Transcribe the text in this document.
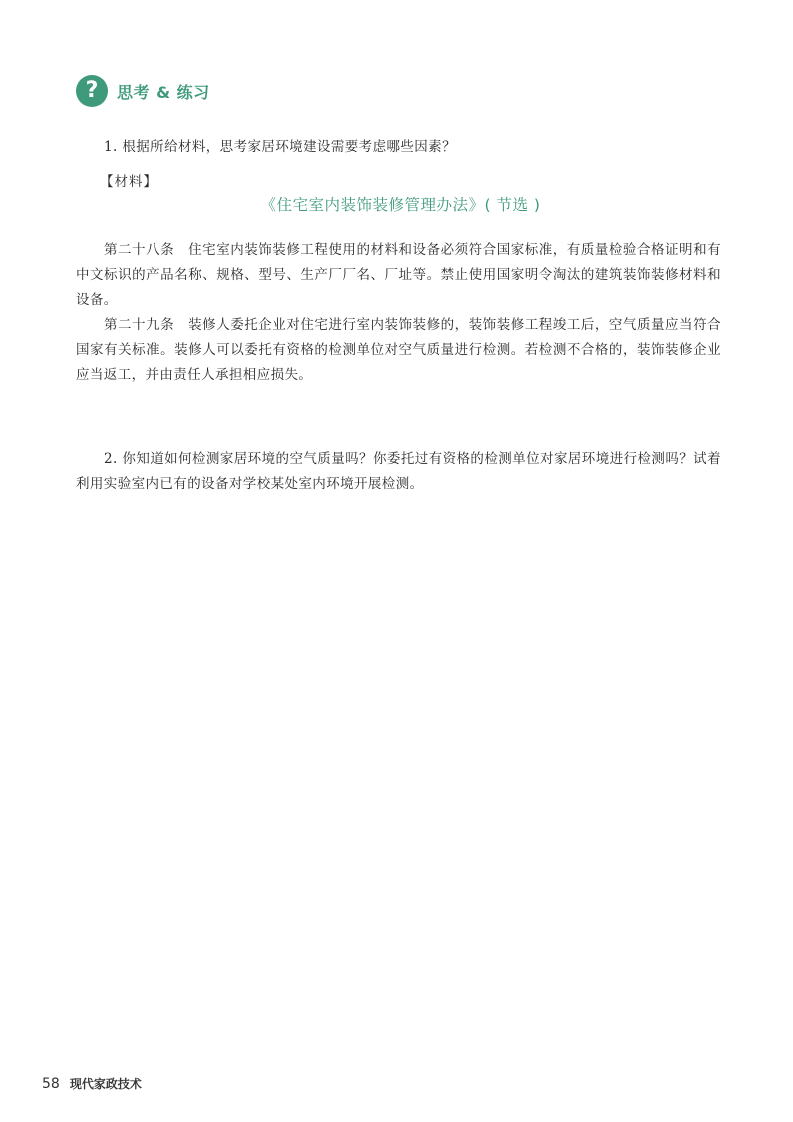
?	思考 & 练习

1. 根据所给材料，思考家居环境建设需要考虑哪些因素？

【材料】
《住宅室内装饰装修管理办法》( 节选 )

第二十八条　住宅室内装饰装修工程使用的材料和设备必须符合国家标准，有质量检验合格证明和有中文标识的产品名称、规格、型号、生产厂厂名、厂址等。禁止使用国家明令淘汰的建筑装饰装修材料和设备。

第二十九条　装修人委托企业对住宅进行室内装饰装修的，装饰装修工程竣工后，空气质量应当符合国家有关标准。装修人可以委托有资格的检测单位对空气质量进行检测。若检测不合格的，装饰装修企业应当返工，并由责任人承担相应损失。

2. 你知道如何检测家居环境的空气质量吗？你委托过有资格的检测单位对家居环境进行检测吗？试着利用实验室内已有的设备对学校某处室内环境开展检测。

58 现代家政技术
